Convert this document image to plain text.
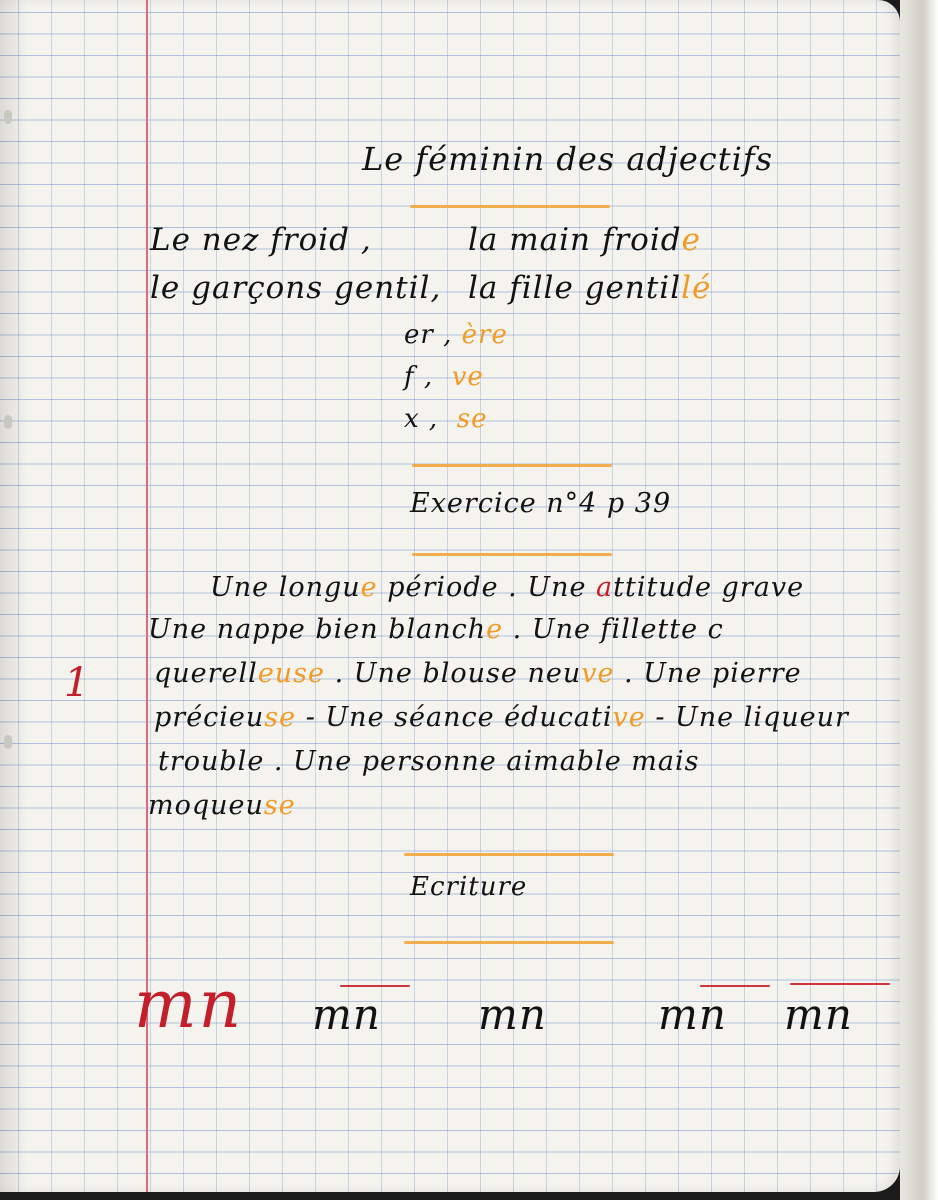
Le féminin des adjectifs
Le nez froid ,	la main froide
le garçons gentil, la fille gentillé
er , ère
f , ve
x , se
Exercice n°4 p 39
1
Une longue période . Une attitude grave
Une nappe bien blanche . Une fillette c
querelleuse . Une blouse neuve . Une pierre
précieuse - Une séance éducative - Une liqueur
trouble . Une personne aimable mais
moqueuse
Ecriture
mn mn mn	mn mn
